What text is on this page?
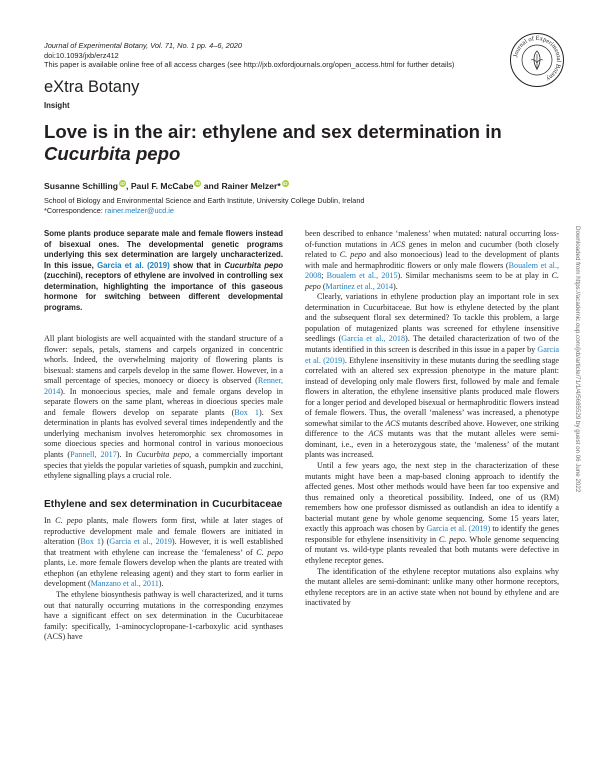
Journal of Experimental Botany, Vol. 71, No. 1 pp. 4–6, 2020
doi:10.1093/jxb/erz412
This paper is available online free of all access charges (see http://jxb.oxfordjournals.org/open_access.html for further details)
Journal of Experimental Botany
eXtra Botany
Insight
Love is in the air: ethylene and sex determination in
Cucurbita pepo
Susanne Schilling iD, Paul F. McCabe iD and Rainer Melzer* iD
School of Biology and Environmental Science and Earth Institute, University College Dublin, Ireland
*Correspondence: rainer.melzer@ucd.ie

Some plants produce separate male and female flowers instead of bisexual ones. The developmental genetic programs underlying this sex determination are largely uncharacterized. In this issue, Garcia et al. (2019) show that in Cucurbita pepo (zucchini), receptors of ethylene are involved in controlling sex determination, highlighting the importance of this gaseous hormone for switching between different developmental programs.

All plant biologists are well acquainted with the standard structure of a flower: sepals, petals, stamens and carpels organized in concentric whorls. Indeed, the overwhelming majority of flowering plants is bisexual: stamens and carpels develop in the same flower. However, in a small percentage of species, monoecy or dioecy is observed (Renner, 2014). In monoecious species, male and female organs develop in separate flowers on the same plant, whereas in dioecious species male and female flowers develop on separate plants (Box 1). Sex determination in plants has evolved several times independently and the underlying mechanism involves heteromorphic sex chromosomes in some dioecious species and hormonal control in various monoecious plants (Pannell, 2017). In Cucurbita pepo, a commercially important species that yields the popular varieties of squash, pumpkin and zucchini, ethylene signalling plays a crucial role.

Ethylene and sex determination in Cucurbitaceae

In C. pepo plants, male flowers form first, while at later stages of reproductive development male and female flowers are initiated in alteration (Box 1) (Garcia et al., 2019). However, it is well established that treatment with ethylene can increase the ‘femaleness’ of C. pepo plants, i.e. more female flowers develop when the plants are treated with ethephon (an ethylene releasing agent) and they start to form earlier in development (Manzano et al., 2011).

The ethylene biosynthesis pathway is well characterized, and it turns out that naturally occurring mutations in the corresponding enzymes have a significant effect on sex determination in the Cucurbitaceae family: specifically, 1-aminocyclopropane-1-carboxylic acid synthases (ACS) have

been described to enhance ‘maleness’ when mutated: natural occurring loss-of-function mutations in ACS genes in melon and cucumber (both closely related to C. pepo and also monoecious) lead to the development of plants with male and hermaphroditic flowers or only male flowers (Boualem et al., 2008; Boualem et al., 2015). Similar mechanisms seem to be at play in C. pepo (Martínez et al., 2014).

Clearly, variations in ethylene production play an important role in sex determination in Cucurbitaceae. But how is ethylene detected by the plant and the subsequent floral sex determined? To tackle this problem, a large population of mutagenized plants was screened for ethylene insensitive seedlings (García et al., 2018). The detailed characterization of two of the mutants identified in this screen is described in this issue in a paper by Garcia et al. (2019). Ethylene insensitivity in these mutants during the seedling stage correlated with an altered sex expression phenotype in the mature plant: instead of developing only male flowers first, followed by male and female flowers in alteration, the ethylene insensitive plants produced male flowers for a longer period and developed bisexual or hermaphroditic flowers instead of female flowers. Thus, the overall ‘maleness’ was increased, a phenotype somewhat similar to the ACS mutants described above. However, one striking difference to the ACS mutants was that the mutant alleles were semi-dominant, i.e., even in a heterozygous state, the ‘maleness’ of the mutant plants was increased.

Until a few years ago, the next step in the characterization of these mutants might have been a map-based cloning approach to identify the affected genes. Most other methods would have been far too expensive and thus remained only a theoretical possibility. Indeed, one of us (RM) remembers how one professor dismissed as outlandish an idea to identify a bacterial mutant gene by whole genome sequencing. Some 15 years later, exactly this approach was chosen by Garcia et al. (2019) to identify the genes responsible for ethylene insensitivity in C. pepo. Whole genome sequencing of mutant vs. wild-type plants revealed that both mutants were defective in ethylene receptor genes.

The identification of the ethylene receptor mutations also explains why the mutant alleles are semi-dominant: unlike many other hormone receptors, ethylene receptors are in an active state when not bound by ethylene and are inactivated by

Downloaded from https://academic.oup.com/jxb/article/71/1/4/5685529 by guest on 06 June 2022
